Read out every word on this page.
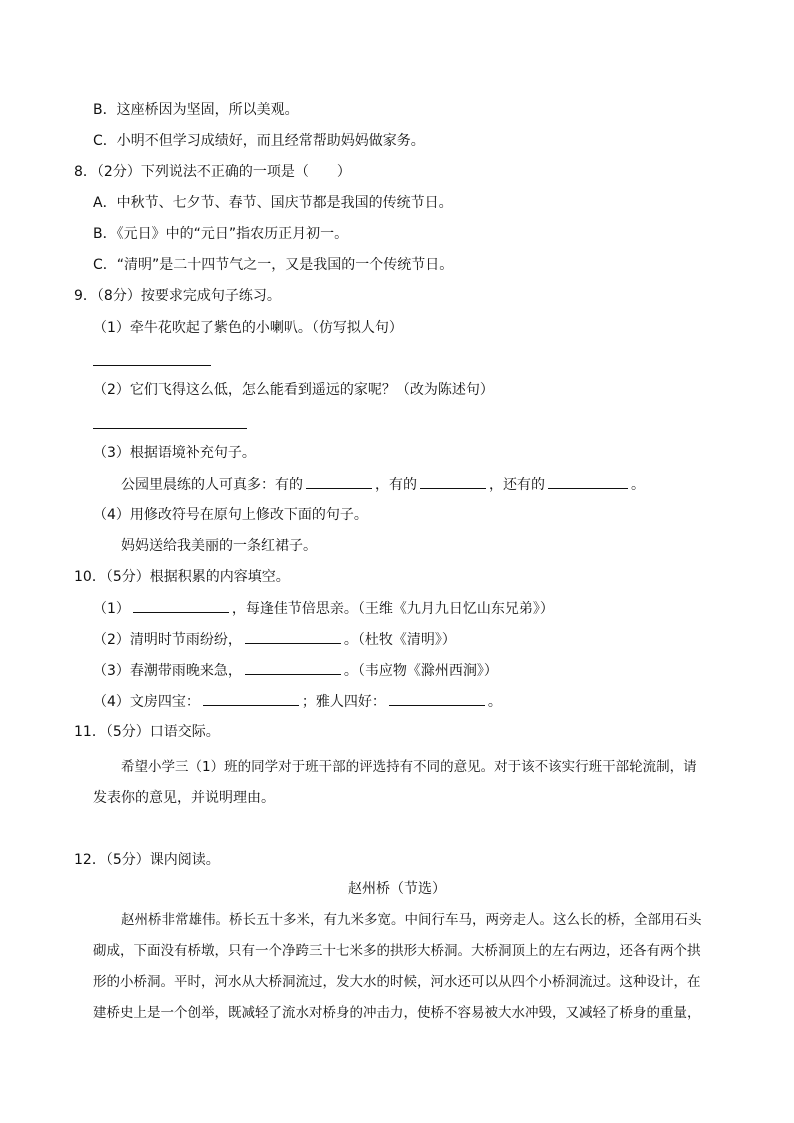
B．这座桥因为坚固，所以美观。
C．小明不但学习成绩好，而且经常帮助妈妈做家务。
8．（2分）下列说法不正确的一项是（　　）
A．中秋节、七夕节、春节、国庆节都是我国的传统节日。
B．《元日》中的“元日”指农历正月初一。
C．“清明”是二十四节气之一，又是我国的一个传统节日。
9．（8分）按要求完成句子练习。
（1）牵牛花吹起了紫色的小喇叭。（仿写拟人句）
（2）它们飞得这么低，怎么能看到遥远的家呢？（改为陈述句）
（3）根据语境补充句子。
公园里晨练的人可真多：有的	，有的	，还有的	。
（4）用修改符号在原句上修改下面的句子。
妈妈送给我美丽的一条红裙子。
10．（5分）根据积累的内容填空。
（1）	，每逢佳节倍思亲。（王维《九月九日忆山东兄弟》）
（2）清明时节雨纷纷，	。（杜牧《清明》）
（3）春潮带雨晚来急，	。（韦应物《滁州西涧》）
（4）文房四宝：	；雅人四好：	。
11．（5分）口语交际。
希望小学三（1）班的同学对于班干部的评选持有不同的意见。对于该不该实行班干部轮流制，请
发表你的意见，并说明理由。
12．（5分）课内阅读。
赵州桥（节选）
赵州桥非常雄伟。桥长五十多米，有九米多宽。中间行车马，两旁走人。这么长的桥，全部用石头
砌成，下面没有桥墩，只有一个净跨三十七米多的拱形大桥洞。大桥洞顶上的左右两边，还各有两个拱
形的小桥洞。平时，河水从大桥洞流过，发大水的时候，河水还可以从四个小桥洞流过。这种设计，在
建桥史上是一个创举，既减轻了流水对桥身的冲击力，使桥不容易被大水冲毁，又减轻了桥身的重量，
